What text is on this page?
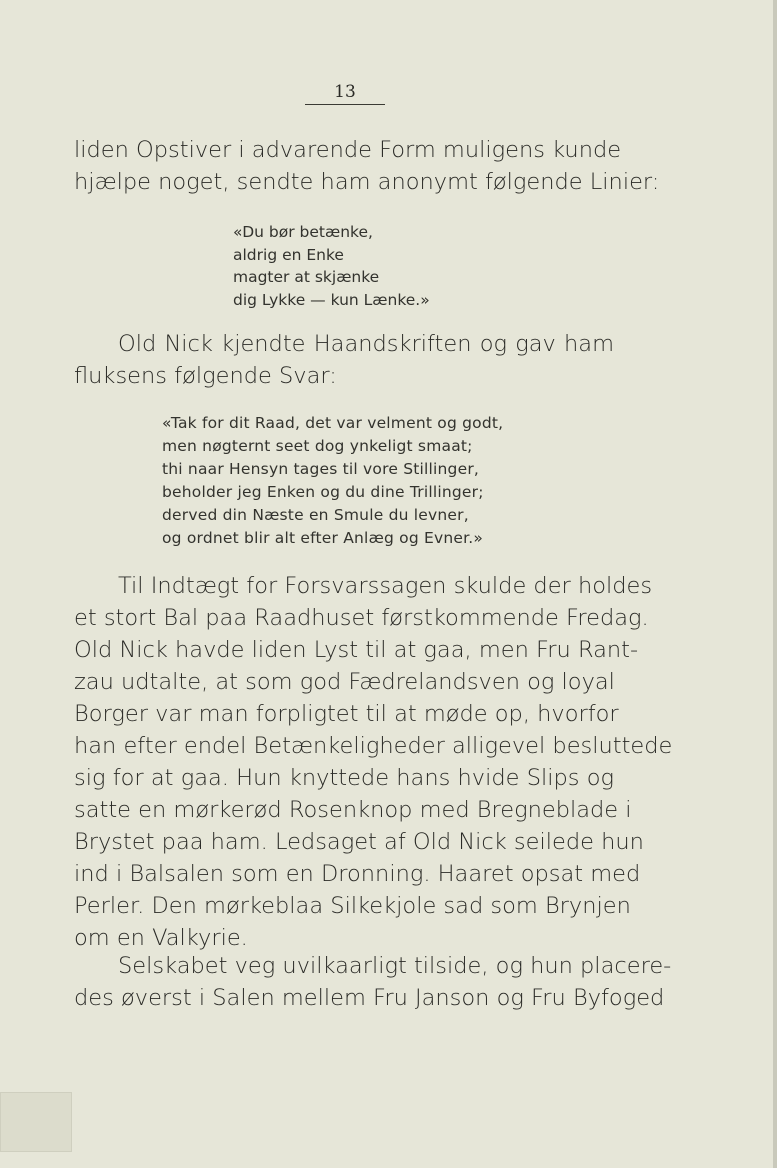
13

liden Opstiver i advarende Form muligens kunde
hjælpe noget, sendte ham anonymt følgende Linier:

«Du bør betænke,
aldrig en Enke
magter at skjænke
dig Lykke — kun Lænke.»

Old Nick kjendte Haandskriften og gav ham
fluksens følgende Svar:

«Tak for dit Raad, det var velment og godt,
men nøgternt seet dog ynkeligt smaat;
thi naar Hensyn tages til vore Stillinger,
beholder jeg Enken og du dine Trillinger;
derved din Næste en Smule du levner,
og ordnet blir alt efter Anlæg og Evner.»

Til Indtægt for Forsvarssagen skulde der holdes
et stort Bal paa Raadhuset førstkommende Fredag.
Old Nick havde liden Lyst til at gaa, men Fru Rant-
zau udtalte, at som god Fædrelandsven og loyal
Borger var man forpligtet til at møde op, hvorfor
han efter endel Betænkeligheder alligevel besluttede
sig for at gaa. Hun knyttede hans hvide Slips og
satte en mørkerød Rosenknop med Bregneblade i
Brystet paa ham. Ledsaget af Old Nick seilede hun
ind i Balsalen som en Dronning. Haaret opsat med
Perler. Den mørkeblaa Silkekjole sad som Brynjen
om en Valkyrie.

Selskabet veg uvilkaarligt tilside, og hun placere-
des øverst i Salen mellem Fru Janson og Fru Byfoged
